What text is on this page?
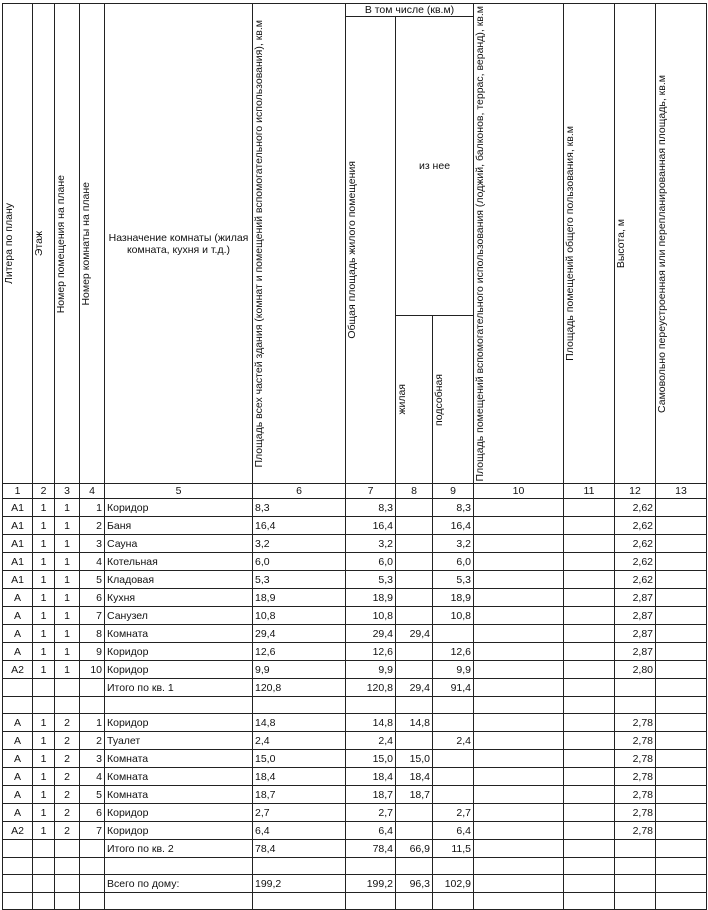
Литера по плану	Этаж	Номер помещения на плане	Номер комнаты на плане	Назначение комнаты (жилая комната, кухня и т.д.)	Площадь всех частей здания (комнат и помещений вспомогательного использования), кв.м	В том числе (кв.м)			Площадь помещений вспомогательного использования (лоджий, балконов, террас, веранд), кв.м	Площадь помещений общего пользования, кв.м	Высота, м	Самовольно переустроенная или перепланированная площадь, кв.м

						Общая площадь жилого помещения	из нее					

							жилая	подсобная				

1	2	3	4	5	6	7	8	9	10	11	12	13
А1	1	1	1	Коридор	8,3	8,3		8,3			2,62	
А1	1	1	2	Баня	16,4	16,4		16,4			2,62	
А1	1	1	3	Сауна	3,2	3,2		3,2			2,62	
А1	1	1	4	Котельная	6,0	6,0		6,0			2,62	
А1	1	1	5	Кладовая	5,3	5,3		5,3			2,62	
А	1	1	6	Кухня	18,9	18,9		18,9			2,87	
А	1	1	7	Санузел	10,8	10,8		10,8			2,87	
А	1	1	8	Комната	29,4	29,4	29,4				2,87	
А	1	1	9	Коридор	12,6	12,6		12,6			2,87	
А2	1	1	10	Коридор	9,9	9,9		9,9			2,80	
				Итого по кв. 1	120,8	120,8	29,4	91,4				

А	1	2	1	Коридор	14,8	14,8	14,8				2,78	
А	1	2	2	Туалет	2,4	2,4		2,4			2,78	
А	1	2	3	Комната	15,0	15,0	15,0				2,78	
А	1	2	4	Комната	18,4	18,4	18,4				2,78	
А	1	2	5	Комната	18,7	18,7	18,7				2,78	
А	1	2	6	Коридор	2,7	2,7		2,7			2,78	
А2	1	2	7	Коридор	6,4	6,4		6,4			2,78	
				Итого по кв. 2	78,4	78,4	66,9	11,5				

				Всего по дому:	199,2	199,2	96,3	102,9				
